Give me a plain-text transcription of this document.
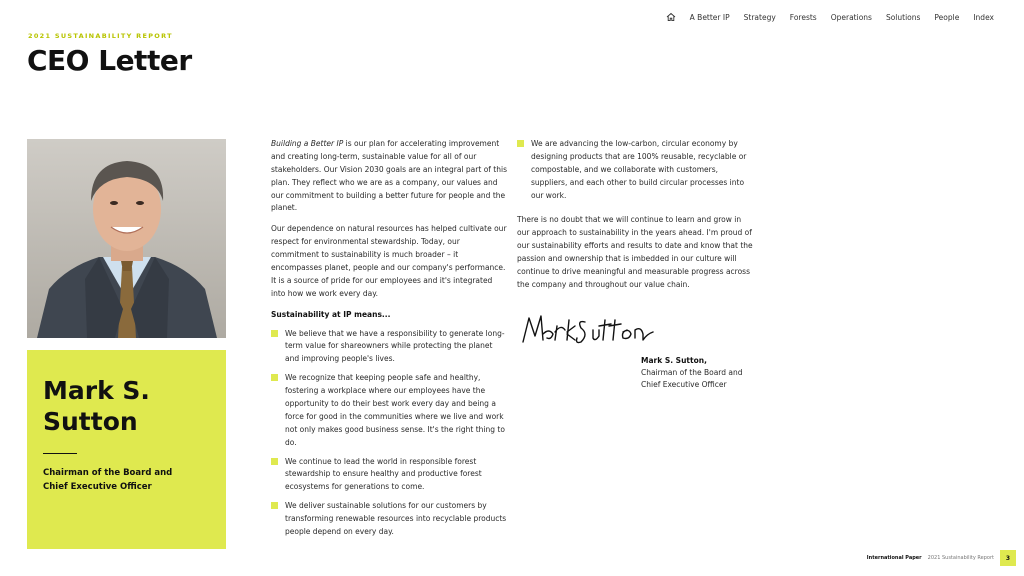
A Better IP Strategy Forests Operations Solutions People Index
2021 SUSTAINABILITY REPORT
CEO Letter
Mark S.
Sutton
Chairman of the Board and Chief Executive Officer

Building a Better IP is our plan for accelerating improvement and creating long-term, sustainable value for all of our stakeholders. Our Vision 2030 goals are an integral part of this plan. They reflect who we are as a company, our values and our commitment to building a better future for people and the planet.

Our dependence on natural resources has helped cultivate our respect for environmental stewardship. Today, our commitment to sustainability is much broader – it encompasses planet, people and our company's performance. It is a source of pride for our employees and it's integrated into how we work every day.

Sustainability at IP means...
We believe that we have a responsibility to generate long-term value for shareowners while protecting the planet and improving people's lives.
We recognize that keeping people safe and healthy, fostering a workplace where our employees have the opportunity to do their best work every day and being a force for good in the communities where we live and work not only makes good business sense. It's the right thing to do.
We continue to lead the world in responsible forest stewardship to ensure healthy and productive forest ecosystems for generations to come.
We deliver sustainable solutions for our customers by transforming renewable resources into recyclable products people depend on every day.
We are advancing the low-carbon, circular economy by designing products that are 100% reusable, recyclable or compostable, and we collaborate with customers, suppliers, and each other to build circular processes into our work.

There is no doubt that we will continue to learn and grow in our approach to sustainability in the years ahead. I'm proud of our sustainability efforts and results to date and know that the passion and ownership that is imbedded in our culture will continue to drive meaningful and measurable progress across the company and throughout our value chain.

Mark S. Sutton,
Chairman of the Board and Chief Executive Officer
International Paper 2021 Sustainability Report	3
